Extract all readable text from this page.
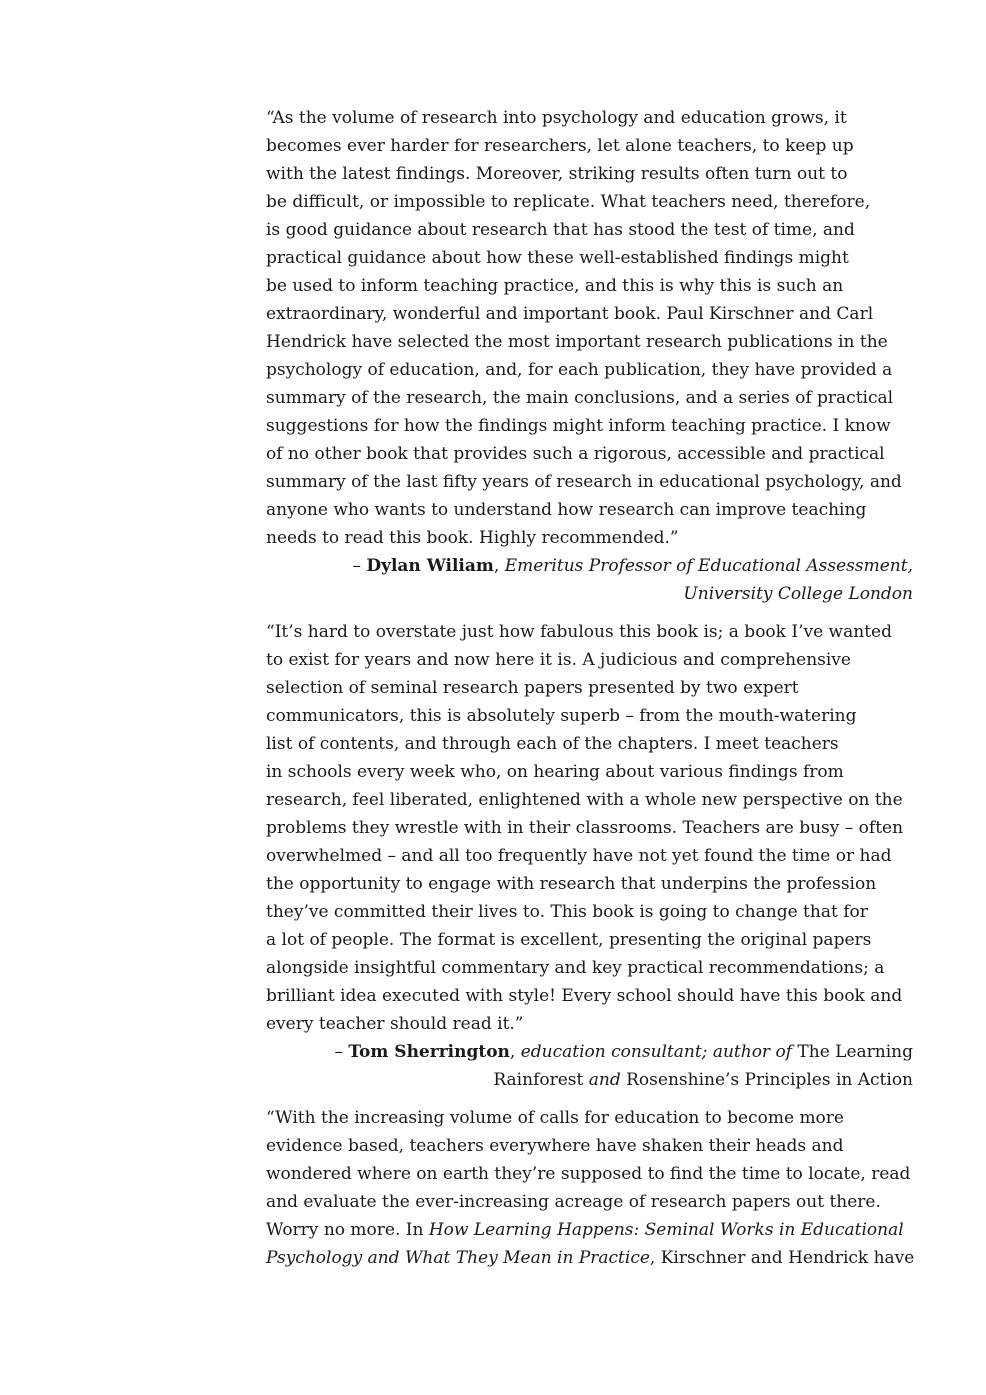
“As the volume of research into psychology and education grows, it
becomes ever harder for researchers, let alone teachers, to keep up
with the latest findings. Moreover, striking results often turn out to
be difficult, or impossible to replicate. What teachers need, therefore,
is good guidance about research that has stood the test of time, and
practical guidance about how these well-established findings might
be used to inform teaching practice, and this is why this is such an
extraordinary, wonderful and important book. Paul Kirschner and Carl
Hendrick have selected the most important research publications in the
psychology of education, and, for each publication, they have provided a
summary of the research, the main conclusions, and a series of practical
suggestions for how the findings might inform teaching practice. I know
of no other book that provides such a rigorous, accessible and practical
summary of the last fifty years of research in educational psychology, and
anyone who wants to understand how research can improve teaching
needs to read this book. Highly recommended.”
– Dylan Wiliam, Emeritus Professor of Educational Assessment,
University College London
“It’s hard to overstate just how fabulous this book is; a book I’ve wanted
to exist for years and now here it is. A judicious and comprehensive
selection of seminal research papers presented by two expert
communicators, this is absolutely superb – from the mouth-watering
list of contents, and through each of the chapters. I meet teachers
in schools every week who, on hearing about various findings from
research, feel liberated, enlightened with a whole new perspective on the
problems they wrestle with in their classrooms. Teachers are busy – often
overwhelmed – and all too frequently have not yet found the time or had
the opportunity to engage with research that underpins the profession
they’ve committed their lives to. This book is going to change that for
a lot of people. The format is excellent, presenting the original papers
alongside insightful commentary and key practical recommendations; a
brilliant idea executed with style! Every school should have this book and
every teacher should read it.”
– Tom Sherrington, education consultant; author of The Learning
Rainforest and Rosenshine’s Principles in Action
“With the increasing volume of calls for education to become more
evidence based, teachers everywhere have shaken their heads and
wondered where on earth they’re supposed to find the time to locate, read
and evaluate the ever-increasing acreage of research papers out there.
Worry no more. In How Learning Happens: Seminal Works in Educational
Psychology and What They Mean in Practice, Kirschner and Hendrick have
